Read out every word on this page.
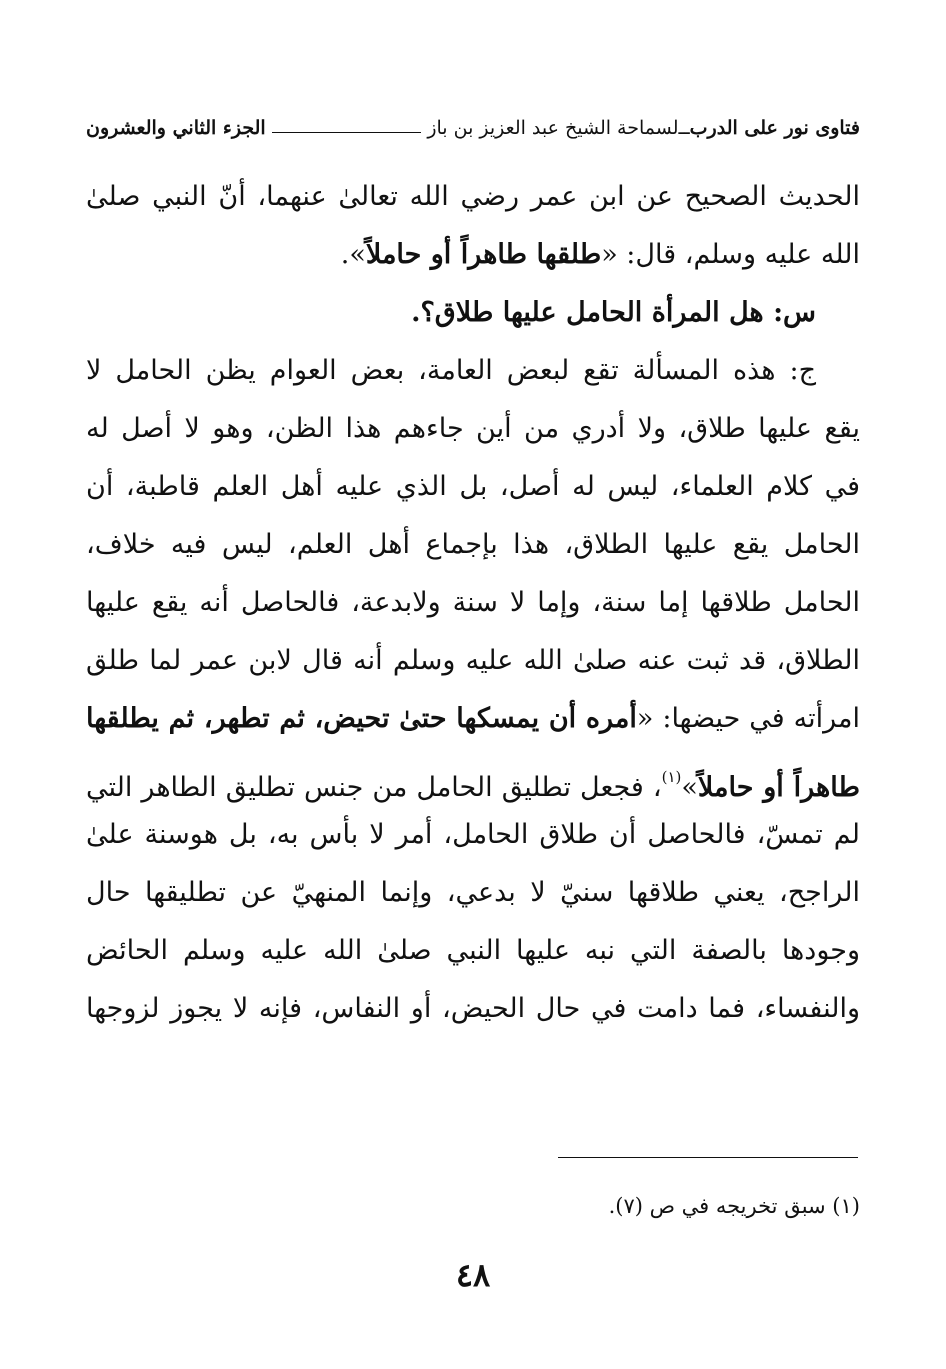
فتاوى نور على الدرب
ــ
لسماحة الشيخ عبد العزيز بن باز
الجزء الثاني والعشرون
الحديث الصحيح عن ابن عمر رضي الله تعالىٰ عنهما، أنّ النبي صلىٰ
الله عليه وسلم، قال: «طلقها طاهراً أو حاملاً».
س: هل المرأة الحامل عليها طلاق؟.
ج: هذه المسألة تقع لبعض العامة، بعض العوام يظن الحامل لا
يقع عليها طلاق، ولا أدري من أين جاءهم هذا الظن، وهو لا أصل له
في كلام العلماء، ليس له أصل، بل الذي عليه أهل العلم قاطبة، أن
الحامل يقع عليها الطلاق، هذا بإجماع أهل العلم، ليس فيه خلاف،
الحامل طلاقها إما سنة، وإما لا سنة ولابدعة، فالحاصل أنه يقع عليها
الطلاق، قد ثبت عنه صلىٰ الله عليه وسلم أنه قال لابن عمر لما طلق
امرأته في حيضها: «أمره أن يمسكها حتىٰ تحيض، ثم تطهر، ثم يطلقها
طاهراً أو حاملاً»$^{(١)}$، فجعل تطليق الحامل من جنس تطليق الطاهر التي
لم تمسّ، فالحاصل أن طلاق الحامل، أمر لا بأس به، بل هوسنة علىٰ
الراجح، يعني طلاقها سنيّ لا بدعي، وإنما المنهيّ عن تطليقها حال
وجودها بالصفة التي نبه عليها النبي صلىٰ الله عليه وسلم الحائض
والنفساء، فما دامت في حال الحيض، أو النفاس، فإنه لا يجوز لزوجها
(١) سبق تخريجه في ص (٧).
٤٨
